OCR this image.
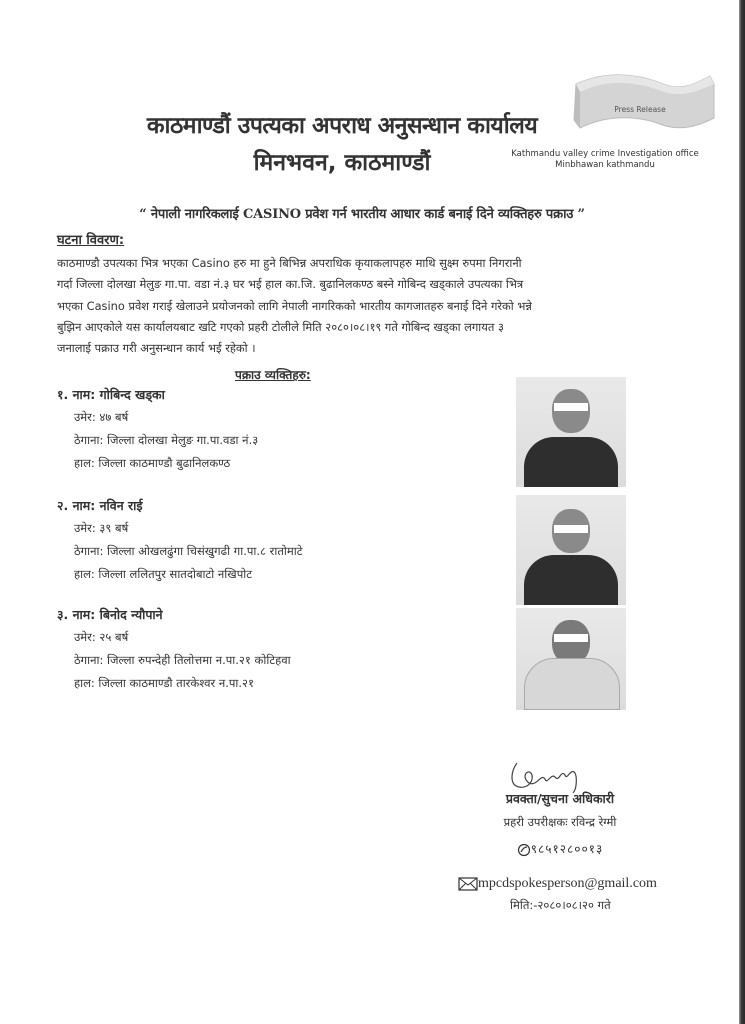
काठमाण्डौं उपत्यका अपराध अनुसन्धान कार्यालय
मिनभवन, काठमाण्डौं
Press Release
Kathmandu valley crime Investigation office
Minbhawan kathmandu
“ नेपाली नागरिकलाई CASINO प्रवेश गर्न भारतीय आधार कार्ड बनाई दिने व्यक्तिहरु पक्राउ ”
घटना विवरण:
काठमाण्डौ उपत्यका भित्र भएका Casino हरु मा हुने बिभिन्न अपराधिक कृयाकलापहरु माथि सुक्ष्म रुपमा निगरानी
गर्दा जिल्ला दोलखा मेलुङ गा.पा. वडा नं.३ घर भई हाल का.जि. बुढानिलकण्ठ बस्ने गोबिन्द खड्काले उपत्यका भित्र
भएका Casino प्रवेश गराई खेलाउने प्रयोजनको लागि नेपाली नागरिकको भारतीय कागजातहरु बनाई दिने गरेको भन्ने
बुझिन आएकोले यस कार्यालयबाट खटि गएको प्रहरी टोलीले मिति २०८०।०८।१९ गते गोबिन्द खड्का लगायत ३
जनालाई पक्राउ गरी अनुसन्धान कार्य भई रहेको ।
पक्राउ व्यक्तिहरु:
१. नाम: गोबिन्द खड्का
उमेर: ४७ बर्ष
ठेगाना: जिल्ला दोलखा मेलुङ गा.पा.वडा नं.३
हाल: जिल्ला काठमाण्डौ बुढानिलकण्ठ
२. नाम: नविन राई
उमेर: ३९ बर्ष
ठेगाना: जिल्ला ओखलढुंगा चिसंखुगढी गा.पा.८ रातोमाटे
हाल: जिल्ला ललितपुर सातदोबाटो नखिपोट
३. नाम: बिनोद न्यौपाने
उमेर: २५ बर्ष
ठेगाना: जिल्ला रुपन्देही तिलोत्तमा न.पा.२१ कोटिहवा
हाल: जिल्ला काठमाण्डौ तारकेश्वर न.पा.२१
प्रवक्ता/सुचना अधिकारी
प्रहरी उपरीक्षकः रविन्द्र रेग्मी
९८५१२८००१३
mpcdspokesperson@gmail.com
मिति:-२०८०।०८।२० गते
